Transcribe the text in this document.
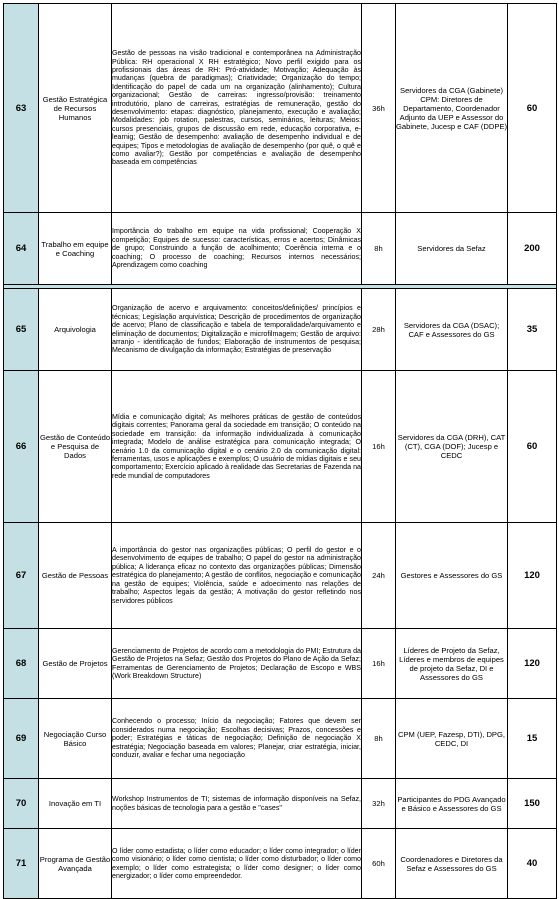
63	Gestão Estratégica de Recursos Humanos	Gestão de pessoas na visão tradicional e contemporânea na Administração Pública: RH operacional X RH estratégico; Novo perfil exigido para os profissionais das áreas de RH: Pró-atividade; Motivação; Adequação às mudanças (quebra de paradigmas); Criatividade; Organização do tempo; Identificação do papel de cada um na organização (alinhamento); Cultura organizacional; Gestão de carreiras: ingresso/provisão: treinamento introdutório, plano de carreiras, estratégias de remuneração, gestão do desenvolvimento: etapas: diagnóstico, planejamento, execução e avaliação; Modalidades: job rotation, palestras, cursos, seminários, leituras; Meios: cursos presenciais, grupos de discussão em rede, educação corporativa, e-learnig; Gestão de desempenho: avaliação de desempenho individual e de equipes; Tipos e metodologias de avaliação de desempenho (por quê, o quê e como avaliar?); Gestão por competências e avaliação de desempenho baseada em competências	36h	Servidores da CGA (Gabinete) CPM: Diretores de Departamento, Coordenador Adjunto da UEP e Assessor do Gabinete, Jucesp e CAF (DDPE)	60
64	Trabalho em equipe e Coaching	Importância do trabalho em equipe na vida profissional; Cooperação X competição; Equipes de sucesso: características, erros e acertos; Dinâmicas de grupo; Construindo a função de acolhimento; Coerência interna e o coaching; O processo de coaching; Recursos internos necessários; Aprendizagem como coaching	8h	Servidores da Sefaz	200

65	Arquivologia	Organização de acervo e arquivamento: conceitos/definições/ princípios e técnicas; Legislação arquivística; Descrição de procedimentos de organização de acervo; Plano de classificação e tabela de temporalidade/arquivamento e eliminação de documentos; Digitalização e microfilmagem; Gestão de arquivo: arranjo - identificação de fundos; Elaboração de instrumentos de pesquisa; Mecanismo de divulgação da informação; Estratégias de preservação	28h	Servidores da CGA (DSAC); CAF e Assessores do GS	35
66	Gestão de Conteúdo e Pesquisa de Dados	Mídia e comunicação digital; As melhores práticas de gestão de conteúdos digitais correntes; Panorama geral da sociedade em transição; O conteúdo na sociedade em transição: da informação individualizada à comunicação integrada; Modelo de análise estratégica para comunicação integrada; O cenário 1.0 da comunicação digital e o cenário 2.0 da comunicação digital: ferramentas, usos e aplicações e exemplos; O usuário de mídias digitais e seu comportamento; Exercício aplicado à realidade das Secretarias de Fazenda na rede mundial de computadores	16h	Servidores da CGA (DRH), CAT (CT), CGA (DOF); Jucesp e CEDC	60
67	Gestão de Pessoas	A importância do gestor nas organizações públicas; O perfil do gestor e o desenvolvimento de equipes de trabalho; O papel do gestor na administração pública; A liderança eficaz no contexto das organizações públicas; Dimensão estratégica do planejamento; A gestão de conflitos, negociação e comunicação na gestão de equipes; Violência, saúde e adoecimento nas relações de trabalho; Aspectos legais da gestão; A motivação do gestor refletindo nos servidores públicos	24h	Gestores e Assessores do GS	120
68	Gestão de Projetos	Gerenciamento de Projetos de acordo com a metodologia do PMI; Estrutura da Gestão de Projetos na Sefaz; Gestão dos Projetos do Plano de Ação da Sefaz; Ferramentas de Gerenciamento de Projetos; Declaração de Escopo e WBS (Work Breakdown Structure)	16h	Líderes de Projeto da Sefaz, Líderes e membros de equipes de projeto da Sefaz, DI e Assessores do GS	120
69	Negociação Curso Básico	Conhecendo o processo; Início da negociação; Fatores que devem ser considerados numa negociação; Escolhas decisivas; Prazos, concessões e poder; Estratégias e táticas de negociação; Definição de negociação X estratégia; Negociação baseada em valores; Planejar, criar estratégia, iniciar, conduzir, avaliar e fechar uma negociação	8h	CPM (UEP, Fazesp, DTI), DPG, CEDC, DI	15
70	Inovação em TI	Workshop Instrumentos de TI; sistemas de informação disponíveis na Sefaz, noções básicas de tecnologia para a gestão e "cases"	32h	Participantes do PDG Avançado e Básico e Assessores do GS	150
71	Programa de Gestão Avançada	O líder como estadista; o líder como educador; o líder como integrador; o líder como visionário; o líder como cientista; o líder como disturbador; o líder como exemplo; o líder como estrategista; o líder como designer; o líder como energizador; o líder como empreendedor.	60h	Coordenadores e Diretores da Sefaz e Assessores do GS	40
